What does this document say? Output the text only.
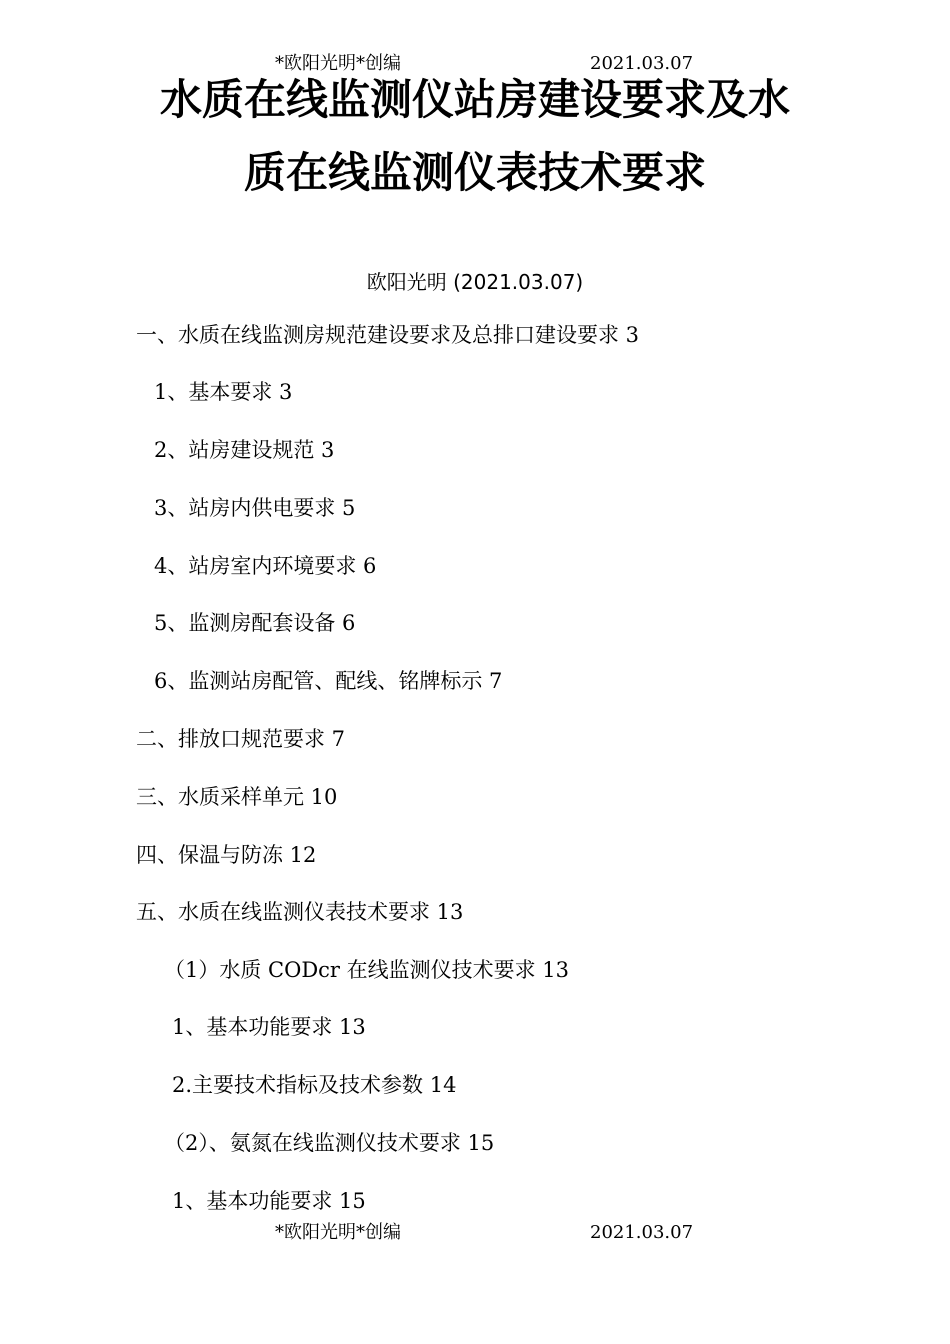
*欧阳光明*创编	2021.03.07
水质在线监测仪站房建设要求及水
质在线监测仪表技术要求
欧阳光明 (2021.03.07)
一、水质在线监测房规范建设要求及总排口建设要求 3
1、基本要求 3
2、站房建设规范 3
3、站房内供电要求 5
4、站房室内环境要求 6
5、监测房配套设备 6
6、监测站房配管、配线、铭牌标示 7
二、排放口规范要求 7
三、水质采样单元 10
四、保温与防冻 12
五、水质在线监测仪表技术要求 13
（1）水质 CODcr 在线监测仪技术要求 13
1、基本功能要求 13
2.主要技术指标及技术参数 14
（2）、氨氮在线监测仪技术要求 15
1、基本功能要求 15
*欧阳光明*创编	2021.03.07
